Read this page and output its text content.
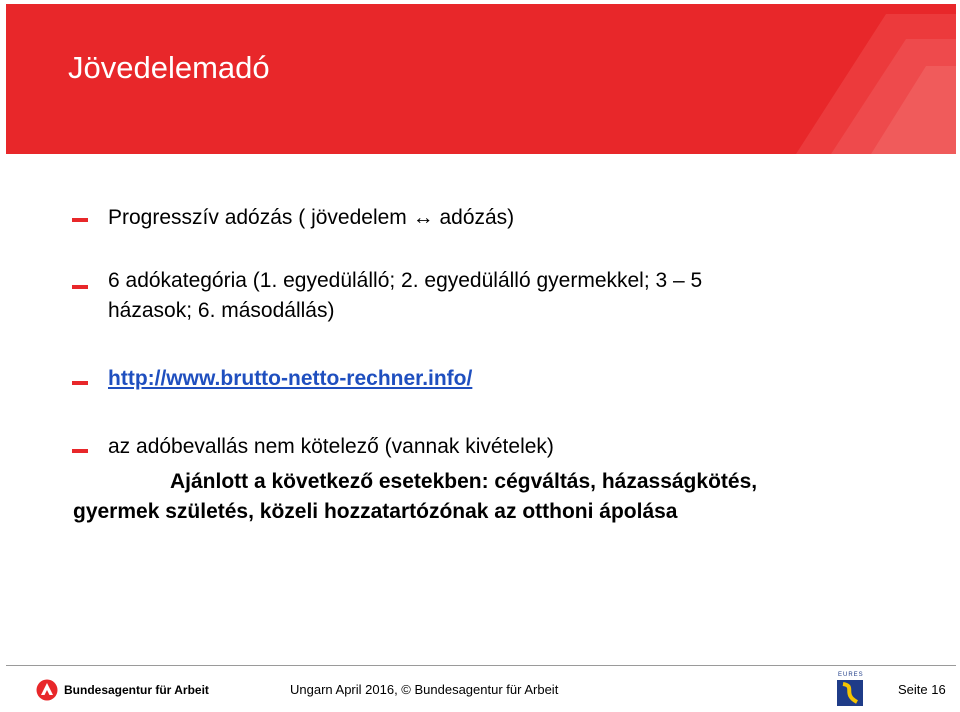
Jövedelemadó
Progresszív adózás ( jövedelem ↔ adózás)
6 adókategória (1. egyedülálló; 2. egyedülálló gyermekkel; 3 – 5
házasok; 6. másodállás)
http://www.brutto-netto-rechner.info/
az adóbevallás nem kötelező (vannak kivételek)
Ajánlott a következő esetekben: cégváltás, házasságkötés,
gyermek születés, közeli hozzatartózónak az otthoni ápolása
Bundesagentur für Arbeit	Ungarn April 2016, © Bundesagentur für Arbeit
EURES
Seite 16
